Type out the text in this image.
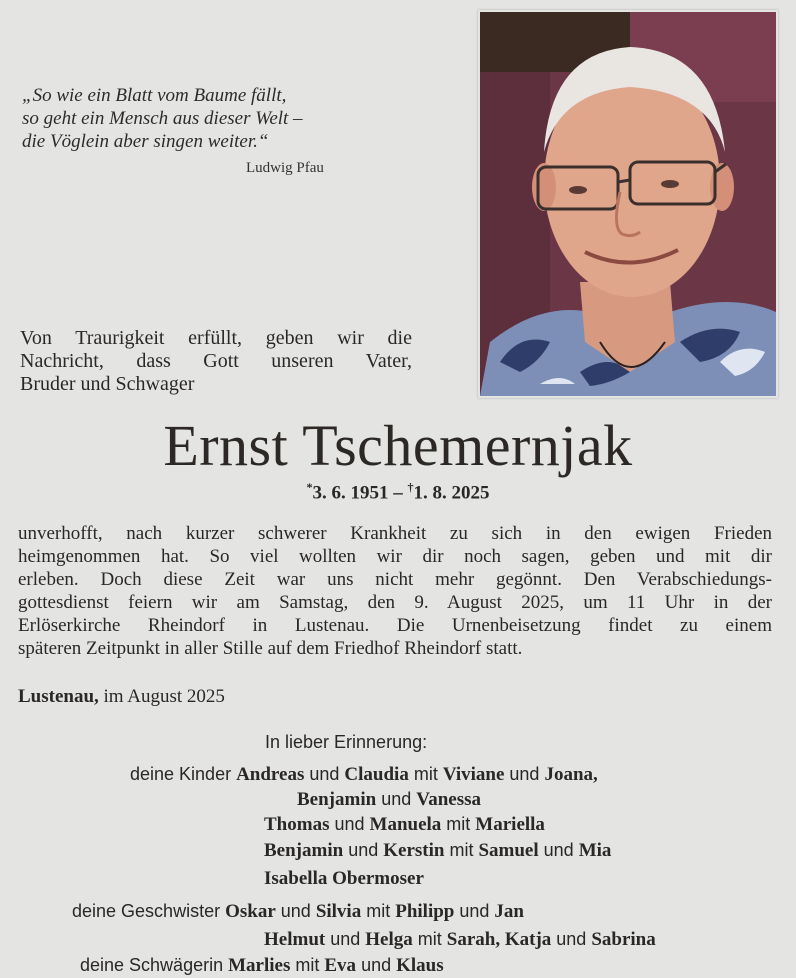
„So wie ein Blatt vom Baume fällt,
so geht ein Mensch aus dieser Welt –
die Vöglein aber singen weiter.“
Ludwig Pfau
Von Traurigkeit erfüllt, geben wir die
Nachricht, dass Gott unseren Vater,
Bruder und Schwager
Ernst Tschemernjak
*3. 6. 1951 – †1. 8. 2025
unverhofft, nach kurzer schwerer Krankheit zu sich in den ewigen Frieden
heimgenommen hat. So viel wollten wir dir noch sagen, geben und mit dir
erleben. Doch diese Zeit war uns nicht mehr gegönnt. Den Verabschiedungs-
gottesdienst feiern wir am Samstag, den 9. August 2025, um 11 Uhr in der
Erlöserkirche Rheindorf in Lustenau. Die Urnenbeisetzung findet zu einem
späteren Zeitpunkt in aller Stille auf dem Friedhof Rheindorf statt.
Lustenau, im August 2025
In lieber Erinnerung:
deine Kinder Andreas und Claudia mit Viviane und Joana,
Benjamin und Vanessa
Thomas und Manuela mit Mariella
Benjamin und Kerstin mit Samuel und Mia
Isabella Obermoser
deine Geschwister Oskar und Silvia mit Philipp und Jan
Helmut und Helga mit Sarah, Katja und Sabrina
deine Schwägerin Marlies mit Eva und Klaus
